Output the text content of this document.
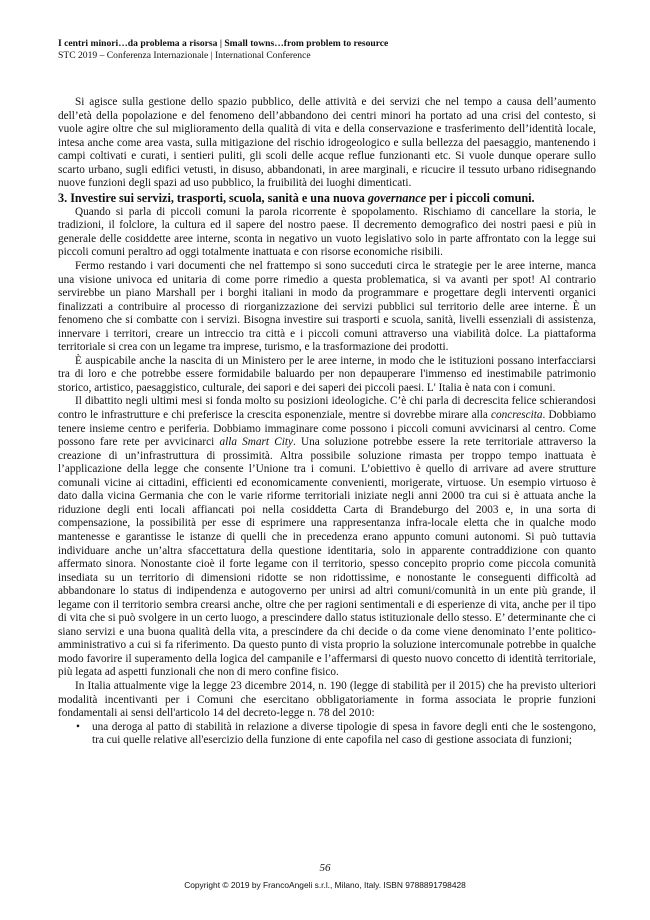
I centri minori…da problema a risorsa | Small towns…from problem to resource
STC 2019 – Conferenza Internazionale | International Conference

Si agisce sulla gestione dello spazio pubblico, delle attività e dei servizi che nel tempo a causa dell’aumento dell’età della popolazione e del fenomeno dell’abbandono dei centri minori ha portato ad una crisi del contesto, si vuole agire oltre che sul miglioramento della qualità di vita e della conservazione e trasferimento dell’identità locale, intesa anche come area vasta, sulla mitigazione del rischio idrogeologico e sulla bellezza del paesaggio, mantenendo i campi coltivati e curati, i sentieri puliti, gli scoli delle acque reflue funzionanti etc. Si vuole dunque operare sullo scarto urbano, sugli edifici vetusti, in disuso, abbandonati, in aree marginali, e ricucire il tessuto urbano ridisegnando nuove funzioni degli spazi ad uso pubblico, la fruibilità dei luoghi dimenticati.

3. Investire sui servizi, trasporti, scuola, sanità e una nuova governance per i piccoli comuni.

Quando si parla di piccoli comuni la parola ricorrente è spopolamento. Rischiamo di cancellare la storia, le tradizioni, il folclore, la cultura ed il sapere del nostro paese. Il decremento demografico dei nostri paesi e più in generale delle cosiddette aree interne, sconta in negativo un vuoto legislativo solo in parte affrontato con la legge sui piccoli comuni peraltro ad oggi totalmente inattuata e con risorse economiche risibili.

Fermo restando i vari documenti che nel frattempo si sono succeduti circa le strategie per le aree interne, manca una visione univoca ed unitaria di come porre rimedio a questa problematica, si va avanti per spot! Al contrario servirebbe un piano Marshall per i borghi italiani in modo da programmare e progettare degli interventi organici finalizzati a contribuire al processo di riorganizzazione dei servizi pubblici sul territorio delle aree interne. È un fenomeno che si combatte con i servizi. Bisogna investire sui trasporti e scuola, sanità, livelli essenziali di assistenza, innervare i territori, creare un intreccio tra città e i piccoli comuni attraverso una viabilità dolce. La piattaforma territoriale si crea con un legame tra imprese, turismo, e la trasformazione dei prodotti.

È auspicabile anche la nascita di un Ministero per le aree interne, in modo che le istituzioni possano interfacciarsi tra di loro e che potrebbe essere formidabile baluardo per non depauperare l'immenso ed inestimabile patrimonio storico, artistico, paesaggistico, culturale, dei sapori e dei saperi dei piccoli paesi. L' Italia è nata con i comuni.

Il dibattito negli ultimi mesi si fonda molto su posizioni ideologiche. C’è chi parla di decrescita felice schierandosi contro le infrastrutture e chi preferisce la crescita esponenziale, mentre si dovrebbe mirare alla concrescita. Dobbiamo tenere insieme centro e periferia. Dobbiamo immaginare come possono i piccoli comuni avvicinarsi al centro. Come possono fare rete per avvicinarci alla Smart City. Una soluzione potrebbe essere la rete territoriale attraverso la creazione di un’infrastruttura di prossimità. Altra possibile soluzione rimasta per troppo tempo inattuata è l’applicazione della legge che consente l’Unione tra i comuni. L’obiettivo è quello di arrivare ad avere strutture comunali vicine ai cittadini, efficienti ed economicamente convenienti, morigerate, virtuose. Un esempio virtuoso è dato dalla vicina Germania che con le varie riforme territoriali iniziate negli anni 2000 tra cui si è attuata anche la riduzione degli enti locali affiancati poi nella cosiddetta Carta di Brandeburgo del 2003 e, in una sorta di compensazione, la possibilità per esse di esprimere una rappresentanza infra-locale eletta che in qualche modo mantenesse e garantisse le istanze di quelli che in precedenza erano appunto comuni autonomi. Si può tuttavia individuare anche un’altra sfaccettatura della questione identitaria, solo in apparente contraddizione con quanto affermato sinora. Nonostante cioè il forte legame con il territorio, spesso concepito proprio come piccola comunità insediata su un territorio di dimensioni ridotte se non ridottissime, e nonostante le conseguenti difficoltà ad abbandonare lo status di indipendenza e autogoverno per unirsi ad altri comuni/comunità in un ente più grande, il legame con il territorio sembra crearsi anche, oltre che per ragioni sentimentali e di esperienze di vita, anche per il tipo di vita che si può svolgere in un certo luogo, a prescindere dallo status istituzionale dello stesso. E’ determinante che ci siano servizi e una buona qualità della vita, a prescindere da chi decide o da come viene denominato l’ente politico-amministrativo a cui si fa riferimento. Da questo punto di vista proprio la soluzione intercomunale potrebbe in qualche modo favorire il superamento della logica del campanile e l’affermarsi di questo nuovo concetto di identità territoriale, più legata ad aspetti funzionali che non di mero confine fisico.

In Italia attualmente vige la legge 23 dicembre 2014, n. 190 (legge di stabilità per il 2015) che ha previsto ulteriori modalità incentivanti per i Comuni che esercitano obbligatoriamente in forma associata le proprie funzioni fondamentali ai sensi dell'articolo 14 del decreto-legge n. 78 del 2010:

• una deroga al patto di stabilità in relazione a diverse tipologie di spesa in favore degli enti che le sostengono, tra cui quelle relative all'esercizio della funzione di ente capofila nel caso di gestione associata di funzioni;
56
Copyright © 2019 by FrancoAngeli s.r.l., Milano, Italy. ISBN 9788891798428
